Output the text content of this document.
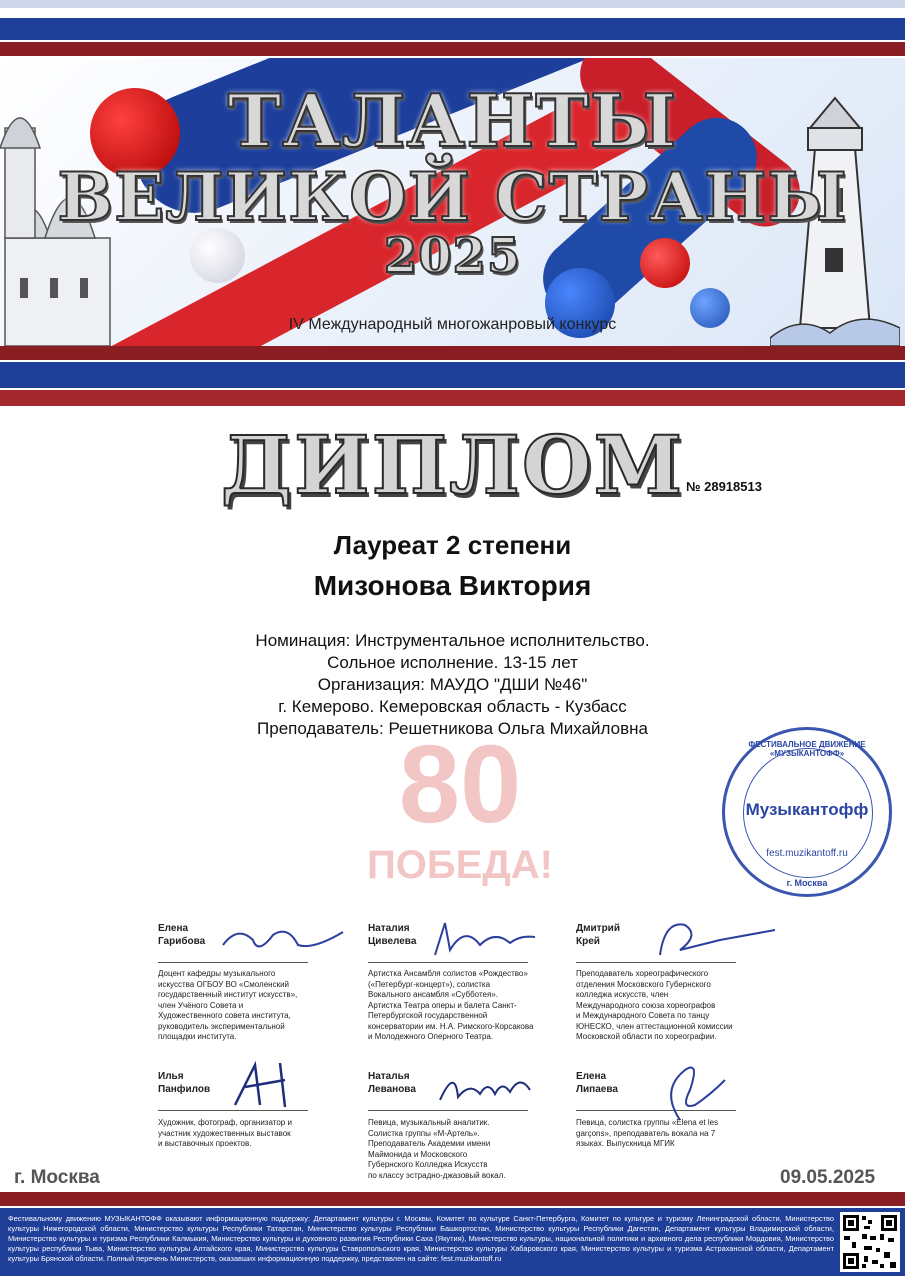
ТАЛАНТЫ
ВЕЛИКОЙ СТРАНЫ
2025
IV Международный многожанровый конкурс
80
ПОБЕДА!
ДИПЛОМ № 28918513
Лауреат 2 степени
Мизонова Виктория
Номинация: Инструментальное исполнительство.
Сольное исполнение. 13-15 лет
Организация: МАУДО "ДШИ №46"
г. Кемерово. Кемеровская область - Кузбасс
Преподаватель: Решетникова Ольга Михайловна
ФЕСТИВАЛЬНОЕ ДВИЖЕНИЕ «МУЗЫКАНТОФФ»
Музыкантофф
fest.muzikantoff.ru
г. Москва
Елена
Гарибова
Доцент кафедры музыкального
искусства ОГБОУ ВО «Смоленский
государственный институт искусств»,
член Учёного Совета и
Художественного совета института,
руководитель экспериментальной
площадки института.
Наталия
Цивелева
Артистка Ансамбля солистов «Рождество»
(«Петербург-концерт»), солистка
Вокального ансамбля «Субботея».
Артистка Театра оперы и балета Санкт-
Петербургской государственной
консерватории им. Н.А. Римского-Корсакова
и Молодежного Оперного Театра.
Дмитрий
Крей
Преподаватель хореографического
отделения Московского Губернского
колледжа искусств, член
Международного союза хореографов
и Международного Совета по танцу
ЮНЕСКО, член аттестационной комиссии
Московской области по хореографии.
Илья
Панфилов
Художник, фотограф, организатор и
участник художественных выставок
и выставочных проектов.
Наталья
Леванова
Певица, музыкальный аналитик.
Солистка группы «М-Артель».
Преподаватель Академии имени
Маймонида и Московского
Губернского Колледжа Искусств
по классу эстрадно-джазовый вокал.
Елена
Липаева
Певица, солистка группы «Elena et les
garçons», преподаватель вокала на 7
языках. Выпускница МГИК
г. Москва	09.05.2025
Фестивальному движению МУЗЫКАНТОФФ оказывают информационную поддержку: Департамент культуры г. Москвы, Комитет по культуре Санкт-Петербурга, Комитет по культуре и туризму Ленинградской области, Министерство культуры Нижегородской области, Министерство культуры Республики Татарстан, Министерство культуры Республики Башкортостан, Министерство культуры Республики Дагестан, Департамент культуры Владимирской области, Министерство культуры и туризма Республики Калмыкия, Министерство культуры и духовного развития Республики Саха (Якутия), Министерство культуры, национальной политики и архивного дела республики Мордовия, Министерство культуры республики Тыва, Министерство культуры Алтайского края, Министерство культуры Ставропольского края, Министерство культуры Хабаровского края, Министерство культуры и туризма Астраханской области, Департамент культуры Брянской области. Полный перечень Министерств, оказавших информационную поддержку, представлен на сайте: fest.muzikantoff.ru
